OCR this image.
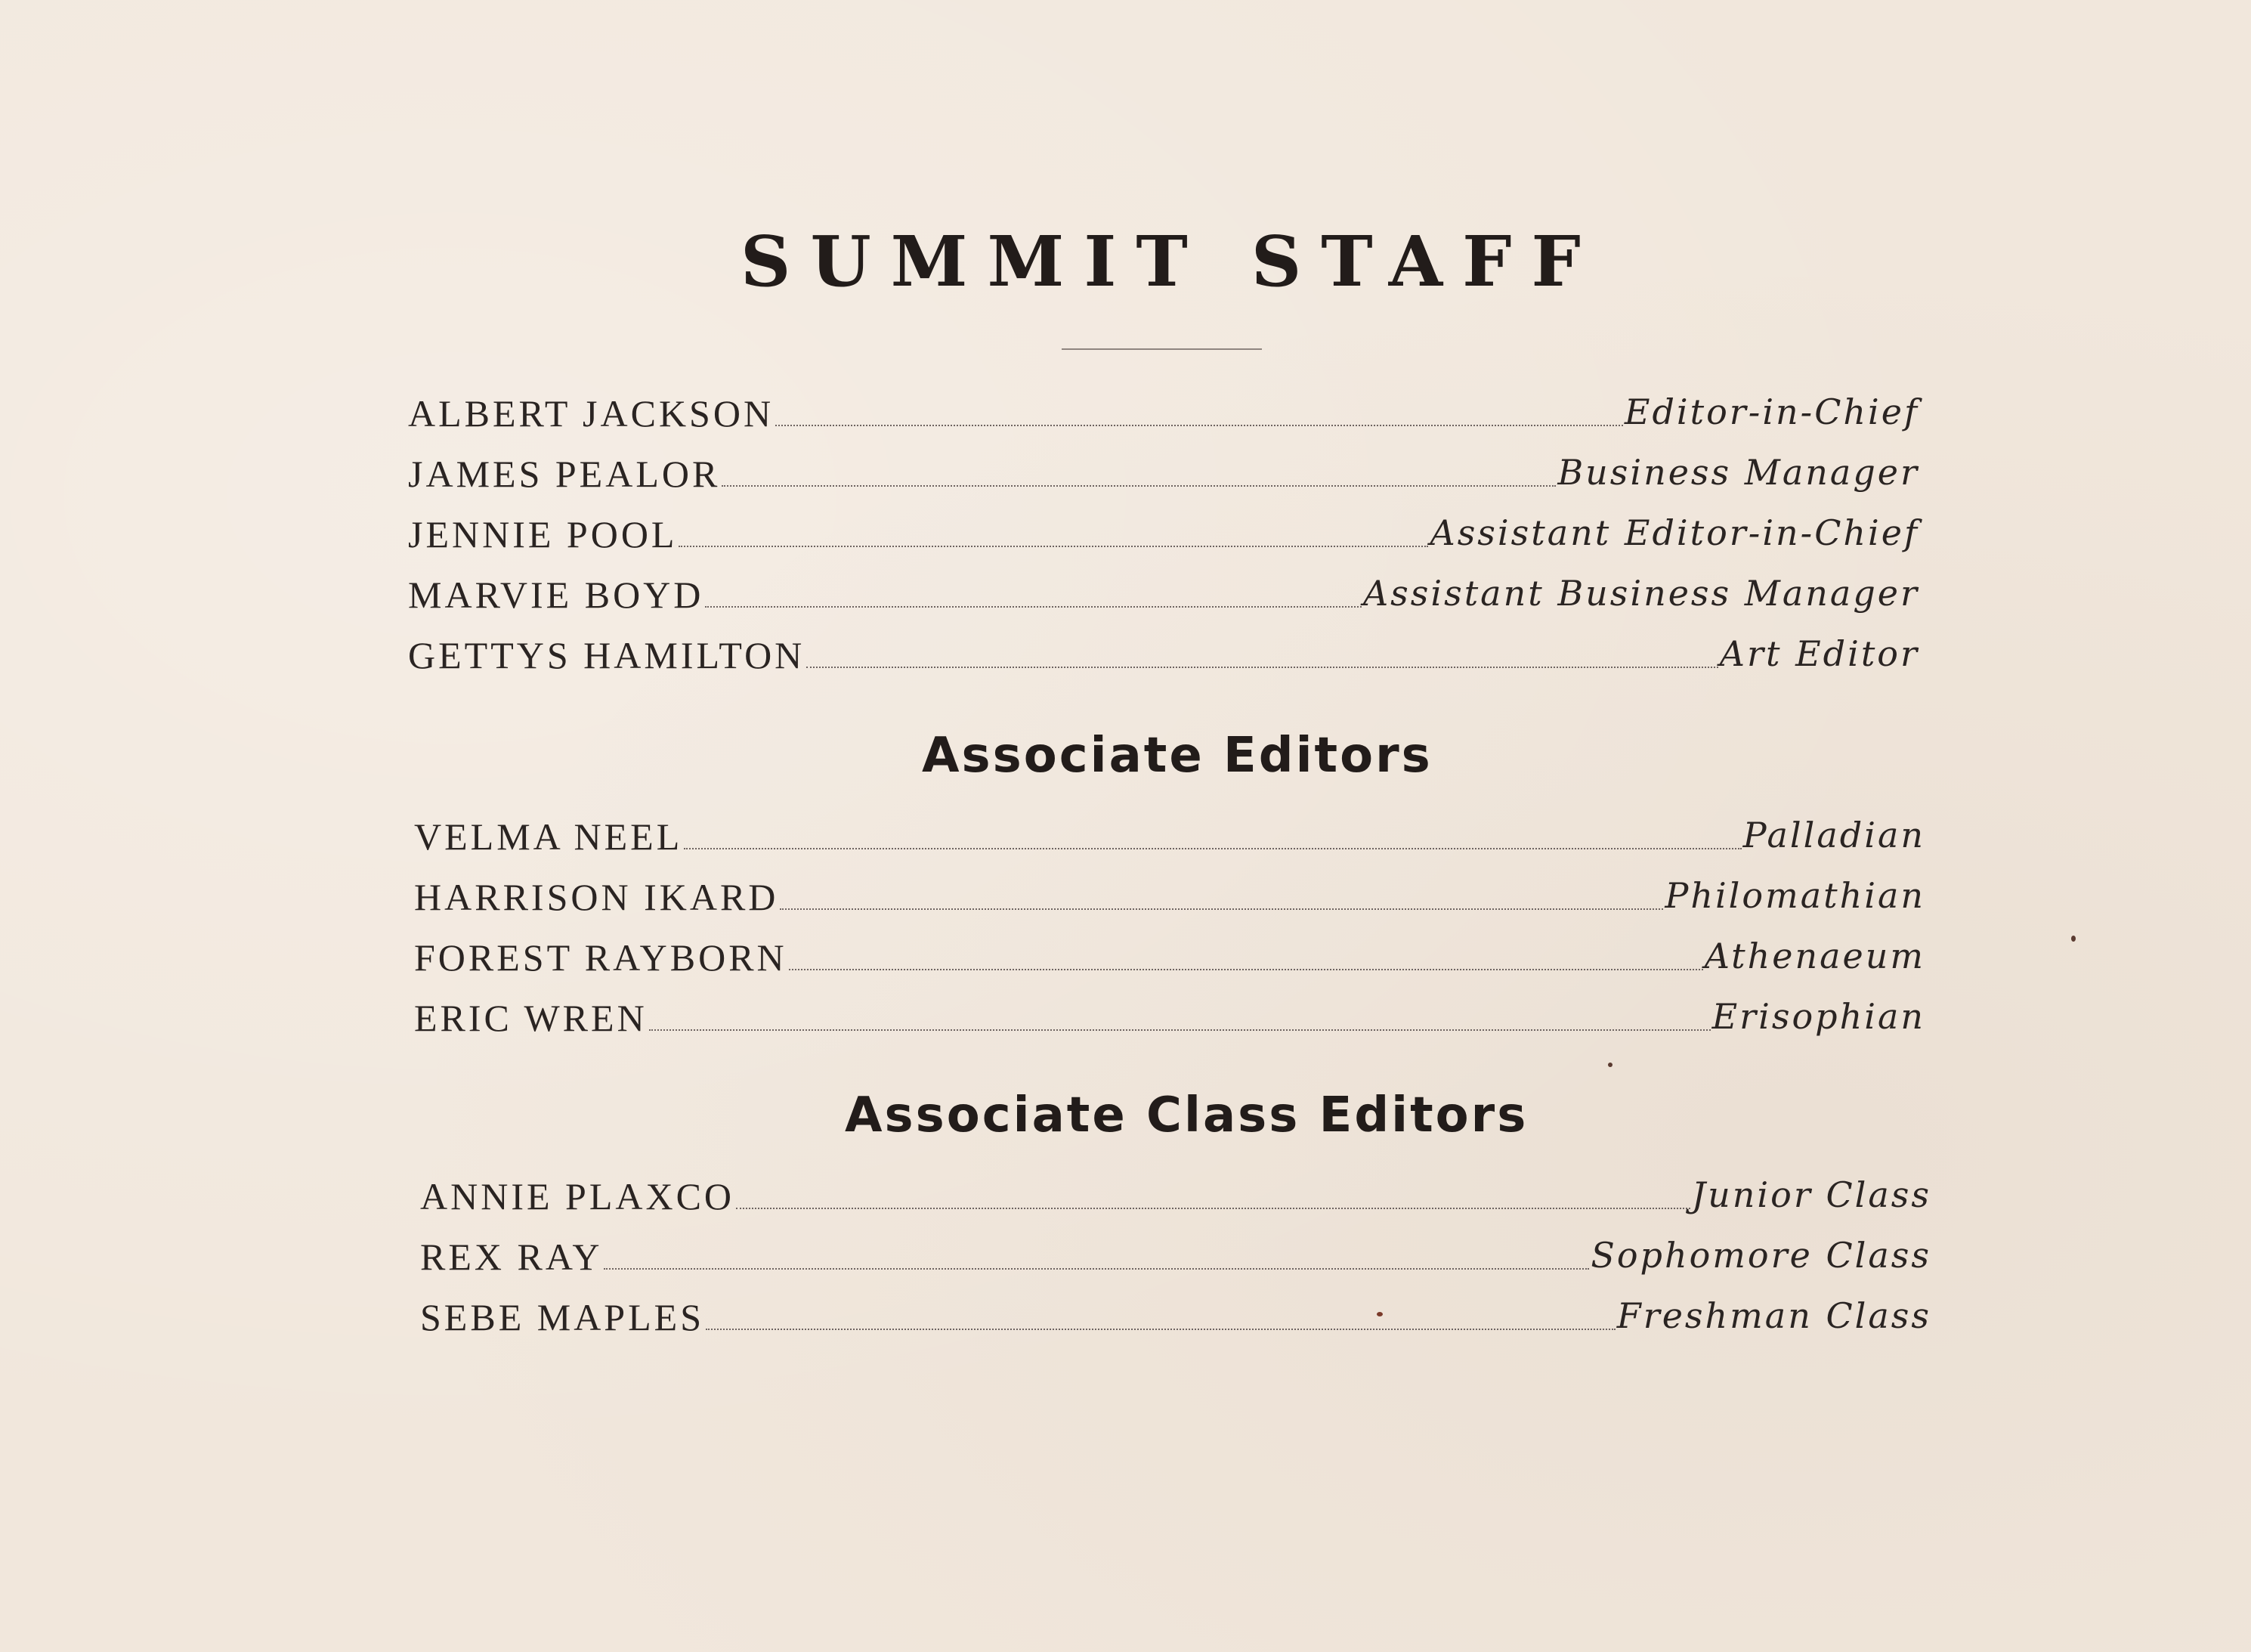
SUMMIT STAFF
ALBERT JACKSON	Editor-in-Chief
JAMES PEALOR	Business Manager
JENNIE POOL	Assistant Editor-in-Chief
MARVIE BOYD	Assistant Business Manager
GETTYS HAMILTON	Art Editor
Associate Editors
VELMA NEEL	Palladian
HARRISON IKARD	Philomathian
FOREST RAYBORN	Athenaeum
ERIC WREN	Erisophian
Associate Class Editors
ANNIE PLAXCO	Junior Class
REX RAY	Sophomore Class
SEBE MAPLES	Freshman Class
